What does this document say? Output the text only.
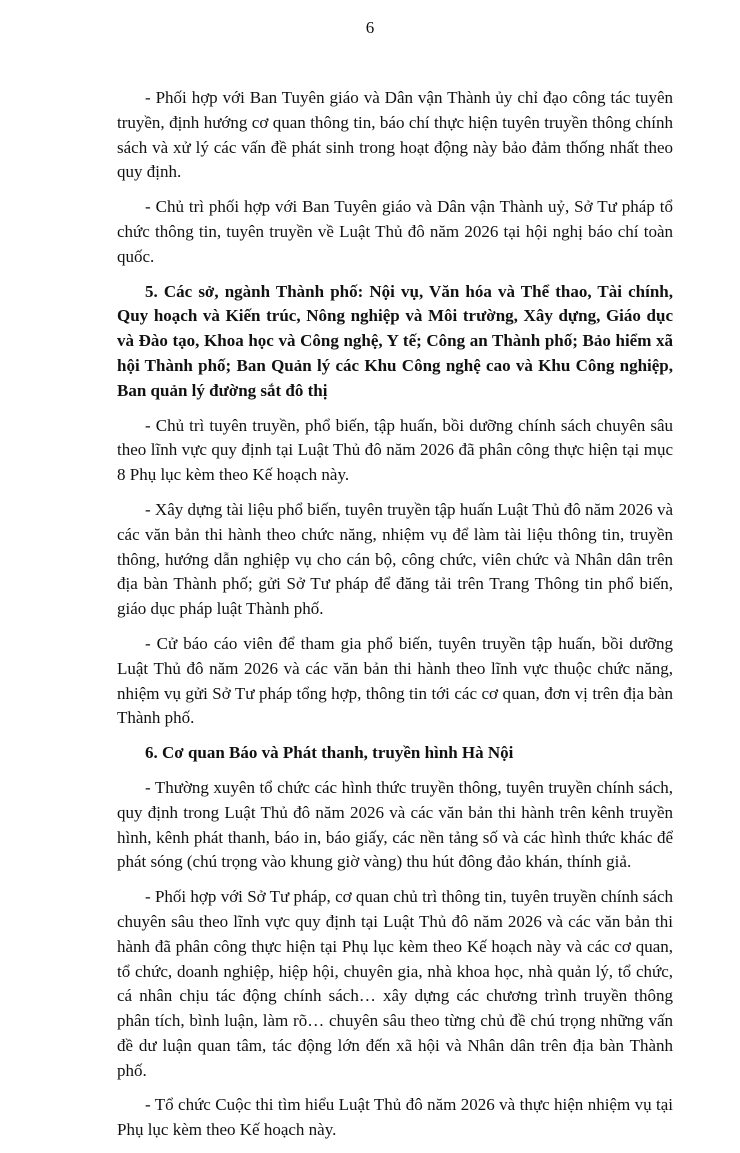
6

- Phối hợp với Ban Tuyên giáo và Dân vận Thành ủy chỉ đạo công tác tuyên truyền, định hướng cơ quan thông tin, báo chí thực hiện tuyên truyền thông chính sách và xử lý các vấn đề phát sinh trong hoạt động này bảo đảm thống nhất theo quy định.

- Chủ trì phối hợp với Ban Tuyên giáo và Dân vận Thành uỷ, Sở Tư pháp tổ chức thông tin, tuyên truyền về Luật Thủ đô năm 2026 tại hội nghị báo chí toàn quốc.

5. Các sở, ngành Thành phố: Nội vụ, Văn hóa và Thể thao, Tài chính, Quy hoạch và Kiến trúc, Nông nghiệp và Môi trường, Xây dựng, Giáo dục và Đào tạo, Khoa học và Công nghệ, Y tế; Công an Thành phố; Bảo hiểm xã hội Thành phố; Ban Quản lý các Khu Công nghệ cao và Khu Công nghiệp, Ban quản lý đường sắt đô thị

- Chủ trì tuyên truyền, phổ biến, tập huấn, bồi dưỡng chính sách chuyên sâu theo lĩnh vực quy định tại Luật Thủ đô năm 2026 đã phân công thực hiện tại mục 8 Phụ lục kèm theo Kế hoạch này.

- Xây dựng tài liệu phổ biến, tuyên truyền tập huấn Luật Thủ đô năm 2026 và các văn bản thi hành theo chức năng, nhiệm vụ để làm tài liệu thông tin, truyền thông, hướng dẫn nghiệp vụ cho cán bộ, công chức, viên chức và Nhân dân trên địa bàn Thành phố; gửi Sở Tư pháp để đăng tải trên Trang Thông tin phổ biến, giáo dục pháp luật Thành phố.

- Cử báo cáo viên để tham gia phổ biến, tuyên truyền tập huấn, bồi dưỡng Luật Thủ đô năm 2026 và các văn bản thi hành theo lĩnh vực thuộc chức năng, nhiệm vụ gửi Sở Tư pháp tổng hợp, thông tin tới các cơ quan, đơn vị trên địa bàn Thành phố.

6. Cơ quan Báo và Phát thanh, truyền hình Hà Nội

- Thường xuyên tổ chức các hình thức truyền thông, tuyên truyền chính sách, quy định trong Luật Thủ đô năm 2026 và các văn bản thi hành trên kênh truyền hình, kênh phát thanh, báo in, báo giấy, các nền tảng số và các hình thức khác để phát sóng (chú trọng vào khung giờ vàng) thu hút đông đảo khán, thính giả.

- Phối hợp với Sở Tư pháp, cơ quan chủ trì thông tin, tuyên truyền chính sách chuyên sâu theo lĩnh vực quy định tại Luật Thủ đô năm 2026 và các văn bản thi hành đã phân công thực hiện tại Phụ lục kèm theo Kế hoạch này và các cơ quan, tổ chức, doanh nghiệp, hiệp hội, chuyên gia, nhà khoa học, nhà quản lý, tổ chức, cá nhân chịu tác động chính sách… xây dựng các chương trình truyền thông phân tích, bình luận, làm rõ… chuyên sâu theo từng chủ đề chú trọng những vấn đề dư luận quan tâm, tác động lớn đến xã hội và Nhân dân trên địa bàn Thành phố.

- Tổ chức Cuộc thi tìm hiểu Luật Thủ đô năm 2026 và thực hiện nhiệm vụ tại Phụ lục kèm theo Kế hoạch này.
